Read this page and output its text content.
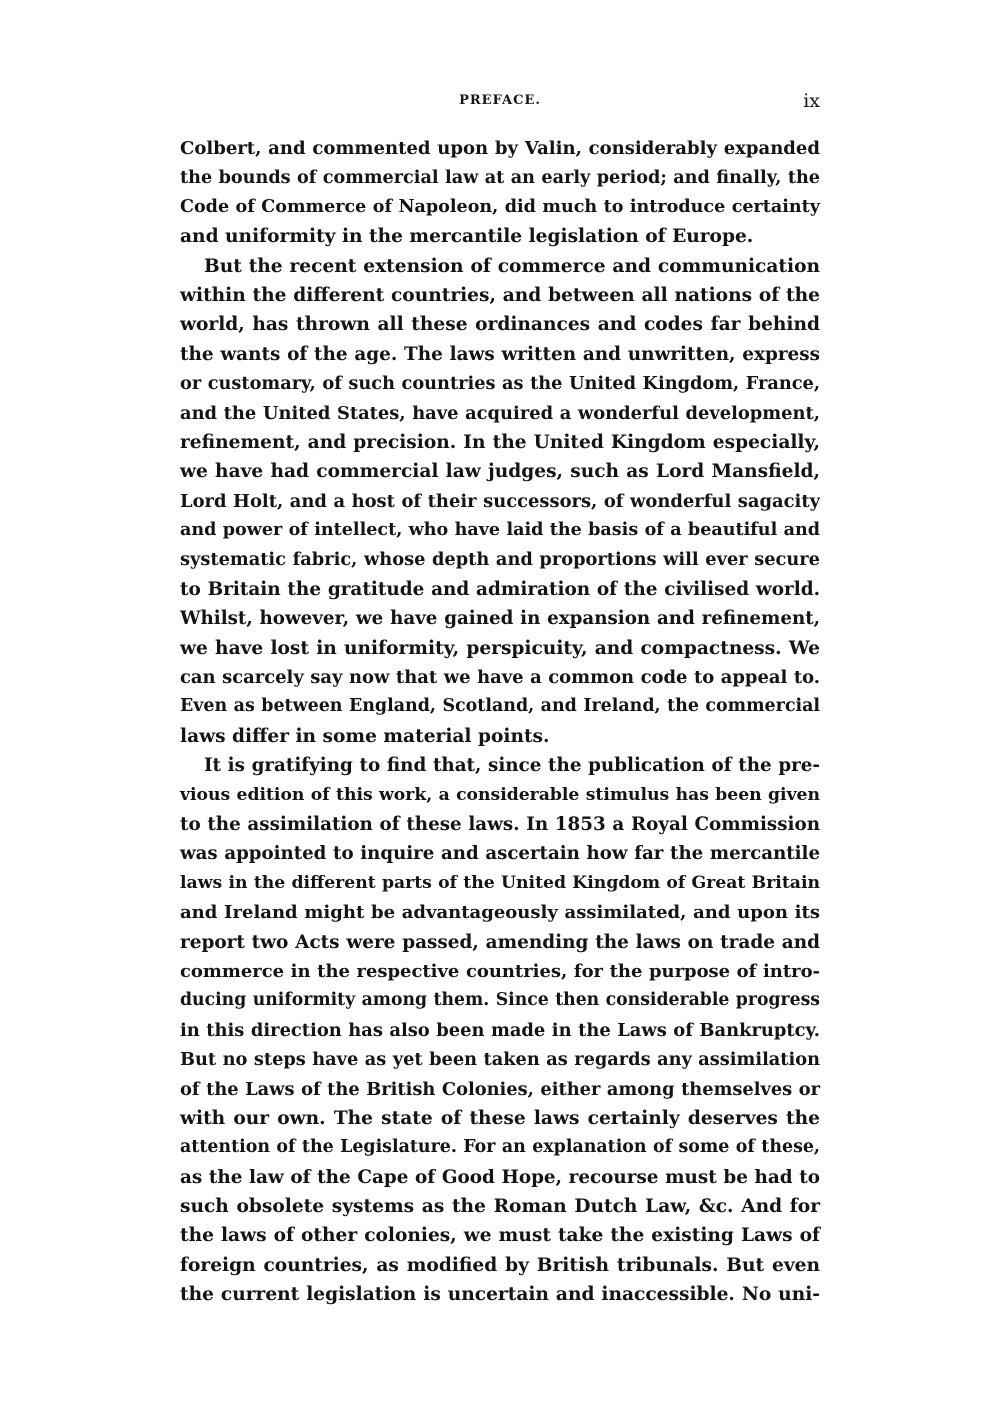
PREFACE.	ix
Colbert, and commented upon by Valin, considerably expanded
the bounds of commercial law at an early period; and finally, the
Code of Commerce of Napoleon, did much to introduce certainty
and uniformity in the mercantile legislation of Europe.
But the recent extension of commerce and communication
within the different countries, and between all nations of the
world, has thrown all these ordinances and codes far behind
the wants of the age. The laws written and unwritten, express
or customary, of such countries as the United Kingdom, France,
and the United States, have acquired a wonderful development,
refinement, and precision. In the United Kingdom especially,
we have had commercial law judges, such as Lord Mansfield,
Lord Holt, and a host of their successors, of wonderful sagacity
and power of intellect, who have laid the basis of a beautiful and
systematic fabric, whose depth and proportions will ever secure
to Britain the gratitude and admiration of the civilised world.
Whilst, however, we have gained in expansion and refinement,
we have lost in uniformity, perspicuity, and compactness. We
can scarcely say now that we have a common code to appeal to.
Even as between England, Scotland, and Ireland, the commercial
laws differ in some material points.
It is gratifying to find that, since the publication of the pre-
vious edition of this work, a considerable stimulus has been given
to the assimilation of these laws. In 1853 a Royal Commission
was appointed to inquire and ascertain how far the mercantile
laws in the different parts of the United Kingdom of Great Britain
and Ireland might be advantageously assimilated, and upon its
report two Acts were passed, amending the laws on trade and
commerce in the respective countries, for the purpose of intro-
ducing uniformity among them. Since then considerable progress
in this direction has also been made in the Laws of Bankruptcy.
But no steps have as yet been taken as regards any assimilation
of the Laws of the British Colonies, either among themselves or
with our own. The state of these laws certainly deserves the
attention of the Legislature. For an explanation of some of these,
as the law of the Cape of Good Hope, recourse must be had to
such obsolete systems as the Roman Dutch Law, &c. And for
the laws of other colonies, we must take the existing Laws of
foreign countries, as modified by British tribunals. But even
the current legislation is uncertain and inaccessible. No uni-
